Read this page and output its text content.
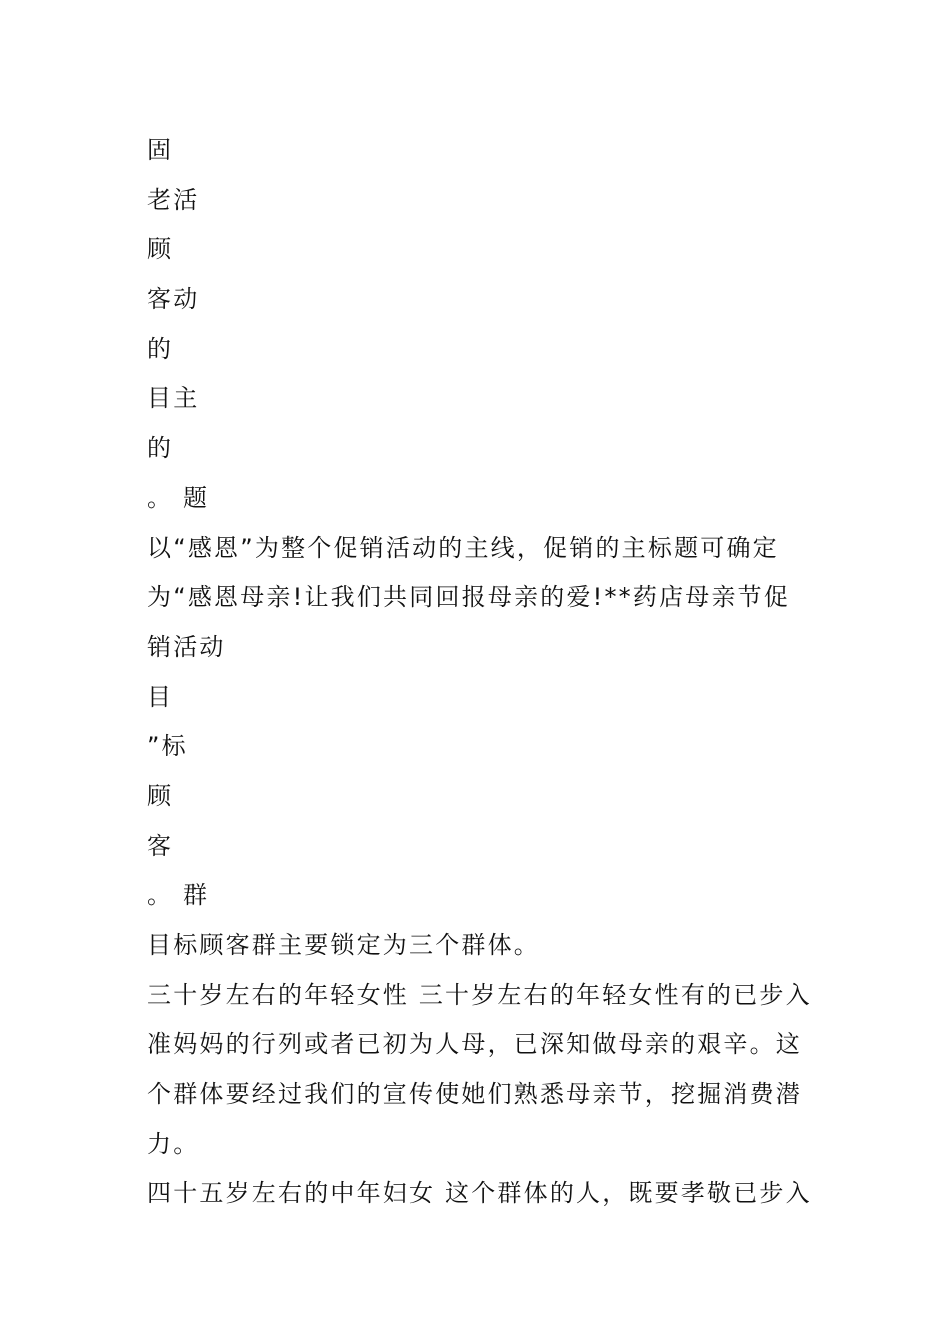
固
老活
顾
客动
的
目主
的
。 题
以“感恩”为整个促销活动的主线，促销的主标题可确定
为“感恩母亲!让我们共同回报母亲的爱!**药店母亲节促
销活动
目
”标
顾
客
。 群
目标顾客群主要锁定为三个群体。
三十岁左右的年轻女性 三十岁左右的年轻女性有的已步入
准妈妈的行列或者已初为人母，已深知做母亲的艰辛。这
个群体要经过我们的宣传使她们熟悉母亲节，挖掘消费潜
力。
四十五岁左右的中年妇女 这个群体的人，既要孝敬已步入
